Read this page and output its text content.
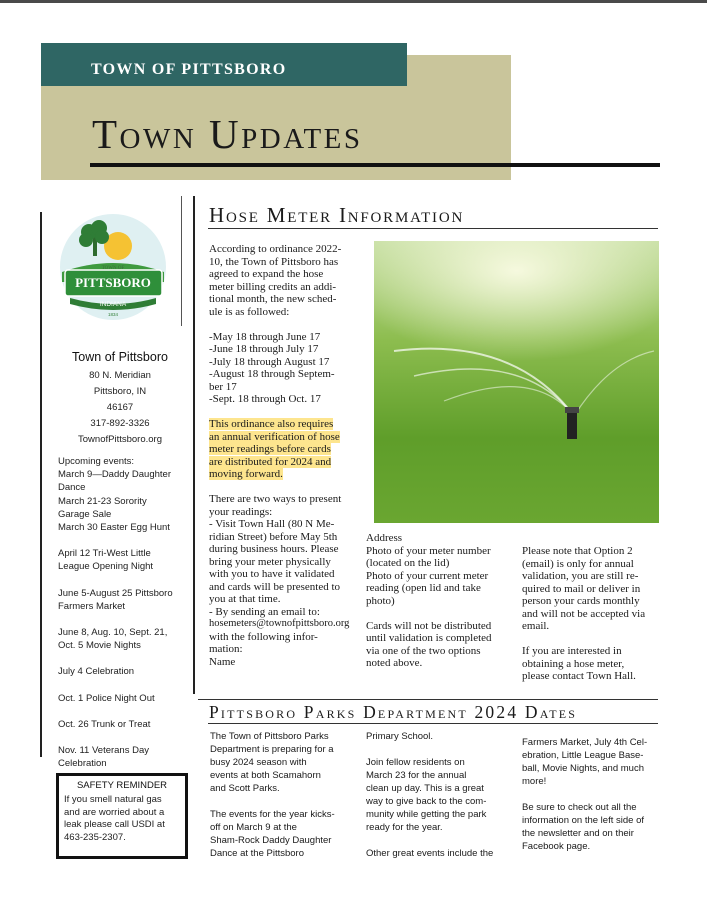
TOWN OF PITTSBORO
Town Updates
TOWN OF
PITTSBORO
INDIANA
1834
Town of Pittsboro
80 N. Meridian
Pittsboro, IN
46167
317-892-3326
TownofPittsboro.org
Upcoming events:
March 9—Daddy Daughter
Dance
March 21-23 Sorority
Garage Sale
March 30 Easter Egg Hunt
April 12 Tri-West Little
League Opening Night
June 5-August 25 Pittsboro
Farmers Market
June 8, Aug. 10, Sept. 21,
Oct. 5 Movie Nights
July 4 Celebration
Oct. 1 Police Night Out
Oct. 26 Trunk or Treat
Nov. 11 Veterans Day
Celebration
SAFETY REMINDER
If you smell natural gas
and are worried about a
leak please call USDI at
463-235-2307.
Hose Meter Information

According to ordinance 2022-
10, the Town of Pittsboro has
agreed to expand the hose
meter billing credits an addi-
tional month, the new sched-
ule is as followed:

-May 18 through June 17
-June 18 through July 17
-July 18 through August 17
-August 18 through Septem-
ber 17
-Sept. 18 through Oct. 17

This ordinance also requires
an annual verification of hose
meter readings before cards
are distributed for 2024 and
moving forward.

There are two ways to present
your readings:
- Visit Town Hall (80 N Me-
ridian Street) before May 5th
during business hours. Please
bring your meter physically
with you to have it validated
and cards will be presented to
you at that time.
- By sending an email to:
hosemeters@townofpittsboro.org
with the following infor-
mation:
Name

Address
Photo of your meter number
(located on the lid)
Photo of your current meter
reading (open lid and take
photo)
Cards will not be distributed
until validation is completed
via one of the two options
noted above.

Please note that Option 2
(email) is only for annual
validation, you are still re-
quired to mail or deliver in
person your cards monthly
and will not be accepted via
email.

If you are interested in
obtaining a hose meter,
please contact Town Hall.

Pittsboro Parks Department 2024 Dates
The Town of Pittsboro Parks
Department is preparing for a
busy 2024 season with
events at both Scamahorn
and Scott Parks.
The events for the year kicks-
off on March 9 at the
Sham-Rock Daddy Daughter
Dance at the Pittsboro
Primary School.
Join fellow residents on
March 23 for the annual
clean up day. This is a great
way to give back to the com-
munity while getting the park
ready for the year.
Other great events include the
Farmers Market, July 4th Cel-
ebration, Little League Base-
ball, Movie Nights, and much
more!
Be sure to check out all the
information on the left side of
the newsletter and on their
Facebook page.
